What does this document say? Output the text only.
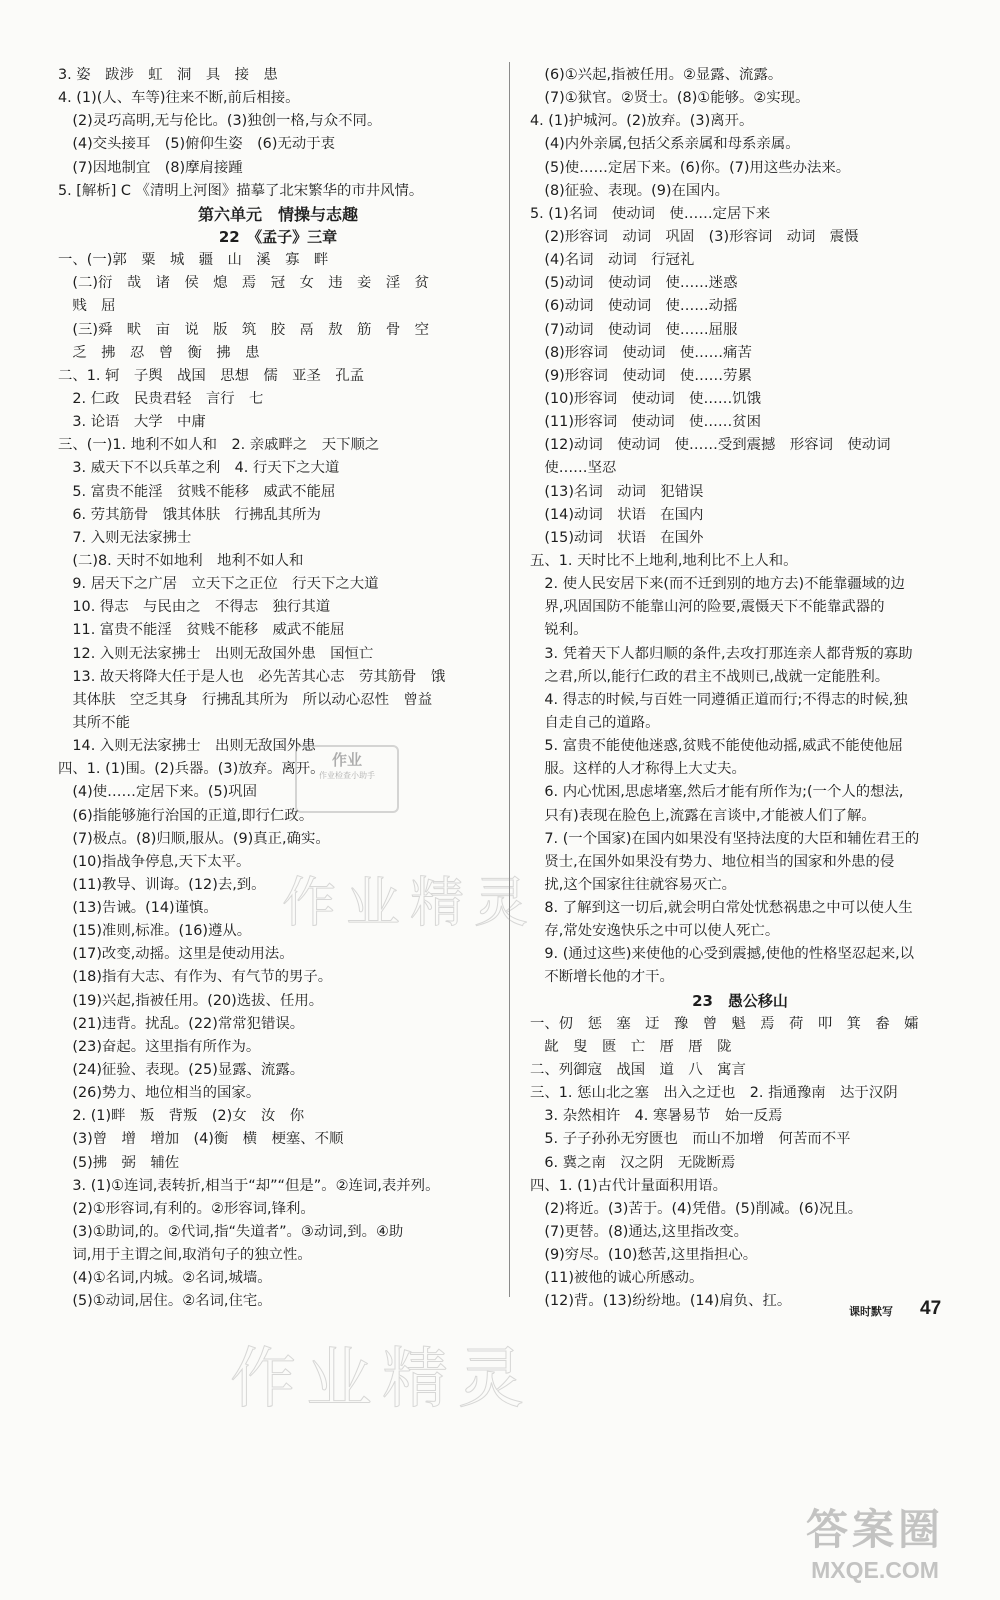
3. 姿　跋涉　虹　洞　具　接　患
4. (1)(人、车等)往来不断,前后相接。
　(2)灵巧高明,无与伦比。(3)独创一格,与众不同。
　(4)交头接耳　(5)俯仰生姿　(6)无动于衷
　(7)因地制宜　(8)摩肩接踵
5. [解析] C 《清明上河图》描摹了北宋繁华的市井风情。
第六单元　情操与志趣
22　《孟子》三章
一、(一)郭　粟　城　疆　山　溪　寡　畔
　(二)衍　哉　诸　侯　熄　焉　冠　女　违　妾　淫　贫
　贱　屈
　(三)舜　畎　亩　说　版　筑　胶　鬲　敖　筋　骨　空
　乏　拂　忍　曾　衡　拂　患
二、1. 轲　子舆　战国　思想　儒　亚圣　孔孟
　2. 仁政　民贵君轻　言行　七
　3. 论语　大学　中庸
三、(一)1. 地利不如人和　2. 亲戚畔之　天下顺之
　3. 威天下不以兵革之利　4. 行天下之大道
　5. 富贵不能淫　贫贱不能移　威武不能屈
　6. 劳其筋骨　饿其体肤　行拂乱其所为
　7. 入则无法家拂士
　(二)8. 天时不如地利　地利不如人和
　9. 居天下之广居　立天下之正位　行天下之大道
　10. 得志　与民由之　不得志　独行其道
　11. 富贵不能淫　贫贱不能移　威武不能屈
　12. 入则无法家拂士　出则无敌国外患　国恒亡
　13. 故天将降大任于是人也　必先苦其心志　劳其筋骨　饿
　其体肤　空乏其身　行拂乱其所为　所以动心忍性　曾益
　其所不能
　14. 入则无法家拂士　出则无敌国外患
四、1. (1)围。(2)兵器。(3)放弃。离开。
　(4)使……定居下来。(5)巩固
　(6)指能够施行治国的正道,即行仁政。
　(7)极点。(8)归顺,服从。(9)真正,确实。
　(10)指战争停息,天下太平。
　(11)教导、训诲。(12)去,到。
　(13)告诫。(14)谨慎。
　(15)准则,标准。(16)遵从。
　(17)改变,动摇。这里是使动用法。
　(18)指有大志、有作为、有气节的男子。
　(19)兴起,指被任用。(20)选拔、任用。
　(21)违背。扰乱。(22)常常犯错误。
　(23)奋起。这里指有所作为。
　(24)征验、表现。(25)显露、流露。
　(26)势力、地位相当的国家。
　2. (1)畔　叛　背叛　(2)女　汝　你
　(3)曾　增　增加　(4)衡　横　梗塞、不顺
　(5)拂　弼　辅佐
　3. (1)①连词,表转折,相当于“却”“但是”。②连词,表并列。
　(2)①形容词,有利的。②形容词,锋利。
　(3)①助词,的。②代词,指“失道者”。③动词,到。④助
　词,用于主谓之间,取消句子的独立性。
　(4)①名词,内城。②名词,城墙。
　(5)①动词,居住。②名词,住宅。
　(6)①兴起,指被任用。②显露、流露。
　(7)①狱官。②贤士。(8)①能够。②实现。
4. (1)护城河。(2)放弃。(3)离开。
　(4)内外亲属,包括父系亲属和母系亲属。
　(5)使……定居下来。(6)你。(7)用这些办法来。
　(8)征验、表现。(9)在国内。
5. (1)名词　使动词　使……定居下来
　(2)形容词　动词　巩固　(3)形容词　动词　震慑
　(4)名词　动词　行冠礼
　(5)动词　使动词　使……迷惑
　(6)动词　使动词　使……动摇
　(7)动词　使动词　使……屈服
　(8)形容词　使动词　使……痛苦
　(9)形容词　使动词　使……劳累
　(10)形容词　使动词　使……饥饿
　(11)形容词　使动词　使……贫困
　(12)动词　使动词　使……受到震撼　形容词　使动词
　使……坚忍
　(13)名词　动词　犯错误
　(14)动词　状语　在国内
　(15)动词　状语　在国外
五、1. 天时比不上地利,地利比不上人和。
　2. 使人民安居下来(而不迁到别的地方去)不能靠疆域的边
　界,巩固国防不能靠山河的险要,震慑天下不能靠武器的
　锐利。
　3. 凭着天下人都归顺的条件,去攻打那连亲人都背叛的寡助
　之君,所以,能行仁政的君主不战则已,战就一定能胜利。
　4. 得志的时候,与百姓一同遵循正道而行;不得志的时候,独
　自走自己的道路。
　5. 富贵不能使他迷惑,贫贱不能使他动摇,威武不能使他屈
　服。这样的人才称得上大丈夫。
　6. 内心忧困,思虑堵塞,然后才能有所作为;(一个人的想法,
　只有)表现在脸色上,流露在言谈中,才能被人们了解。
　7. (一个国家)在国内如果没有坚持法度的大臣和辅佐君王的
　贤士,在国外如果没有势力、地位相当的国家和外患的侵
　扰,这个国家往往就容易灭亡。
　8. 了解到这一切后,就会明白常处忧愁祸患之中可以使人生
　存,常处安逸快乐之中可以使人死亡。
　9. (通过这些)来使他的心受到震撼,使他的性格坚忍起来,以
　不断增长他的才干。
23　愚公移山
一、仞　惩　塞　迂　豫　曾　魁　焉　荷　叩　箕　畚　孀
　龀　叟　匮　亡　厝　厝　陇
二、列御寇　战国　道　八　寓言
三、1. 惩山北之塞　出入之迂也　2. 指通豫南　达于汉阴
　3. 杂然相许　4. 寒暑易节　始一反焉
　5. 子子孙孙无穷匮也　而山不加增　何苦而不平
　6. 冀之南　汉之阴　无陇断焉
四、1. (1)古代计量面积用语。
　(2)将近。(3)苦于。(4)凭借。(5)削减。(6)况且。
　(7)更替。(8)通达,这里指改变。
　(9)穷尽。(10)愁苦,这里指担心。
　(11)被他的诚心所感动。
　(12)背。(13)纷纷地。(14)肩负、扛。
课时默写 47
作业精灵
作业精灵
作业
作业检查小助手
答案圈
MXQE.COM
